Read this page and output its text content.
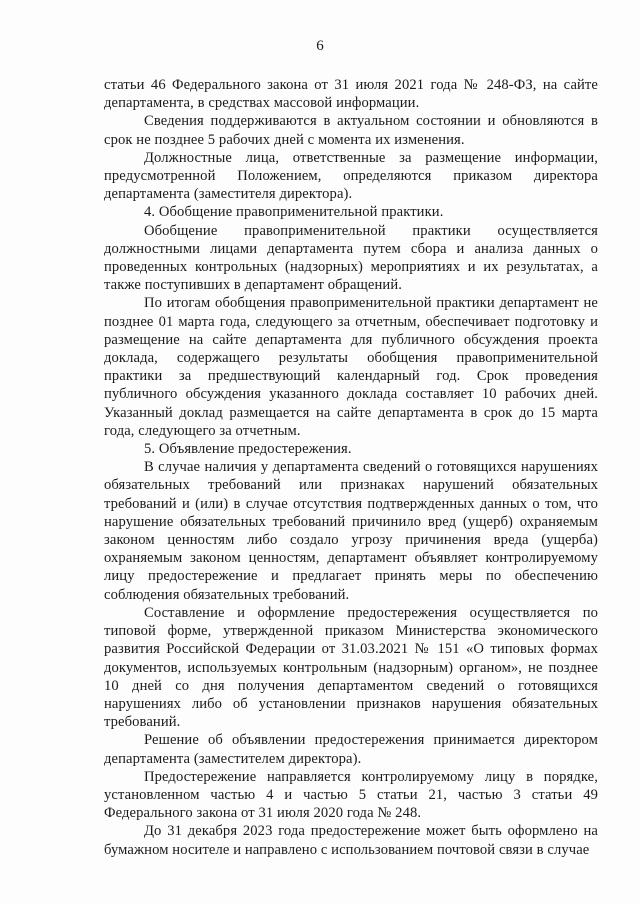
6

статьи 46 Федерального закона от 31 июля 2021 года № 248-ФЗ, на сайте департамента, в средствах массовой информации.

Сведения поддерживаются в актуальном состоянии и обновляются в срок не позднее 5 рабочих дней с момента их изменения.

Должностные лица, ответственные за размещение информации, предусмотренной Положением, определяются приказом директора департамента (заместителя директора).

4. Обобщение правоприменительной практики.

Обобщение правоприменительной практики осуществляется должностными лицами департамента путем сбора и анализа данных о проведенных контрольных (надзорных) мероприятиях и их результатах, а также поступивших в департамент обращений.

По итогам обобщения правоприменительной практики департамент не позднее 01 марта года, следующего за отчетным, обеспечивает подготовку и размещение на сайте департамента для публичного обсуждения проекта доклада, содержащего результаты обобщения правоприменительной практики за предшествующий календарный год. Срок проведения публичного обсуждения указанного доклада составляет 10 рабочих дней. Указанный доклад размещается на сайте департамента в срок до 15 марта года, следующего за отчетным.

5. Объявление предостережения.

В случае наличия у департамента сведений о готовящихся нарушениях обязательных требований или признаках нарушений обязательных требований и (или) в случае отсутствия подтвержденных данных о том, что нарушение обязательных требований причинило вред (ущерб) охраняемым законом ценностям либо создало угрозу причинения вреда (ущерба) охраняемым законом ценностям, департамент объявляет контролируемому лицу предостережение и предлагает принять меры по обеспечению соблюдения обязательных требований.

Составление и оформление предостережения осуществляется по типовой форме, утвержденной приказом Министерства экономического развития Российской Федерации от 31.03.2021 № 151 «О типовых формах документов, используемых контрольным (надзорным) органом», не позднее 10 дней со дня получения департаментом сведений о готовящихся нарушениях либо об установлении признаков нарушения обязательных требований.

Решение об объявлении предостережения принимается директором департамента (заместителем директора).

Предостережение направляется контролируемому лицу в порядке, установленном частью 4 и частью 5 статьи 21, частью 3 статьи 49 Федерального закона от 31 июля 2020 года № 248.

До 31 декабря 2023 года предостережение может быть оформлено на бумажном носителе и направлено с использованием почтовой связи в случае
